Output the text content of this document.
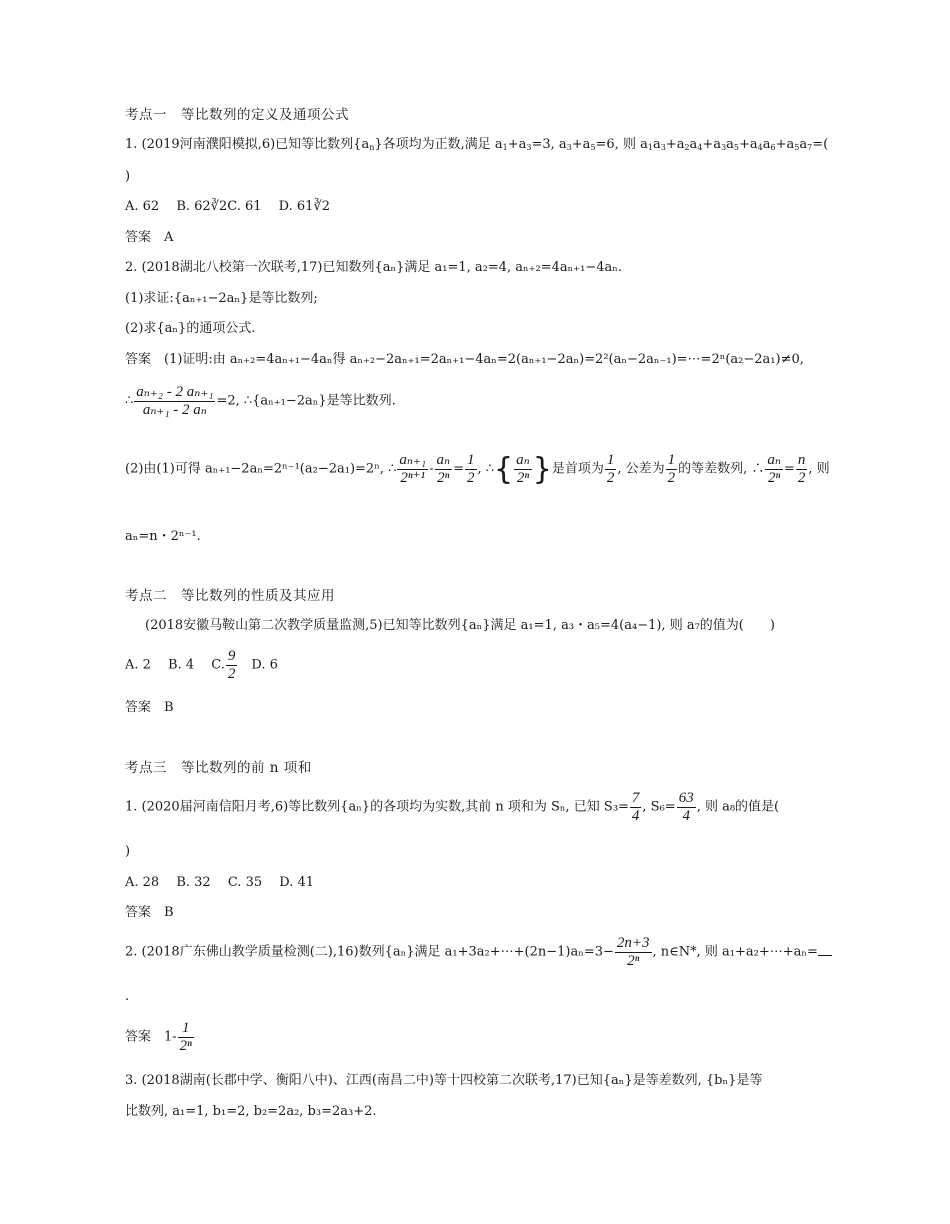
考点一　等比数列的定义及通项公式
1. (2019河南濮阳模拟,6)已知等比数列$\{a_n\}$各项均为正数,满足 $a_1+a_3=3$, $a_3+a_5=6$, 则 $a_1a_3+a_2a_4+a_3a_5+a_4a_6+a_5a_7=$(
)
A. 62　 B. 62∛2C. 61　 D. 61∛2
答案　A
2. (2018湖北八校第一次联考,17)已知数列{aₙ}满足 a₁=1, a₂=4, aₙ₊₂=4aₙ₊₁−4aₙ.
(1)求证:{aₙ₊₁−2aₙ}是等比数列;
(2)求{aₙ}的通项公式.
答案　(1)证明:由 aₙ₊₂=4aₙ₊₁−4aₙ得 aₙ₊₂−2aₙ₊₁=2aₙ₊₁−4aₙ=2(aₙ₊₁−2aₙ)=2²(aₙ−2aₙ₋₁)=⋯=2ⁿ(a₂−2a₁)≠0,
∴ $\frac{\text{aₙ₊₂ - 2 aₙ₊₁}}{\text{aₙ₊₁ - 2 aₙ}} =2$, ∴{aₙ₊₁−2aₙ}是等比数列.
(2)由(1)可得 aₙ₊₁−2aₙ=2ⁿ⁻¹(a₂−2a₁)=2ⁿ, ∴ $\frac{\text{aₙ₊₁}}{\text{2ⁿ⁺¹}} - \frac{\text{aₙ}}{\text{2ⁿ}} = \frac{1}{2}$ , ∴{ $\frac{\text{aₙ}}{\text{2ⁿ}}$ }是首项为 $\frac{1}{2}$ , 公差为 $\frac{1}{2}$ 的等差数列, ∴ $\frac{\text{aₙ}}{\text{2ⁿ}} = \frac{n}{2}$ , 则
aₙ=n・2ⁿ⁻¹.
考点二　等比数列的性质及其应用
(2018安徽马鞍山第二次教学质量监测,5)已知等比数列{aₙ}满足 a₁=1, a₃・a₅=4(a₄−1), 则 a₇的值为(　　)
A. 2　 B. 4　 C. $\frac{9}{2}$
　 D. 6
答案　B
考点三　等比数列的前 n 项和
1. (2020届河南信阳月考,6)等比数列{aₙ}的各项均为实数,其前 n 项和为 Sₙ, 已知 $S_3= \frac{7}{4}$ , $S_6= \frac{63}{4}$ , 则 a₈的值是(
)
A. 28　 B. 32　 C. 35　 D. 41
答案　B
2. (2018广东佛山教学质量检测(二),16)数列{aₙ}满足 a₁+3a₂+⋯+(2n−1)aₙ=3− $\frac{2n+3}{\text{2ⁿ}}$ , n∈N*, 则 a₁+a₂+⋯+aₙ=
.
答案　$1- \frac{1}{\text{2ⁿ}}$
3. (2018湖南(长郡中学、衡阳八中)、江西(南昌二中)等十四校第二次联考,17)已知{aₙ}是等差数列, {bₙ}是等
比数列, a₁=1, b₁=2, b₂=2a₂, b₃=2a₃+2.
